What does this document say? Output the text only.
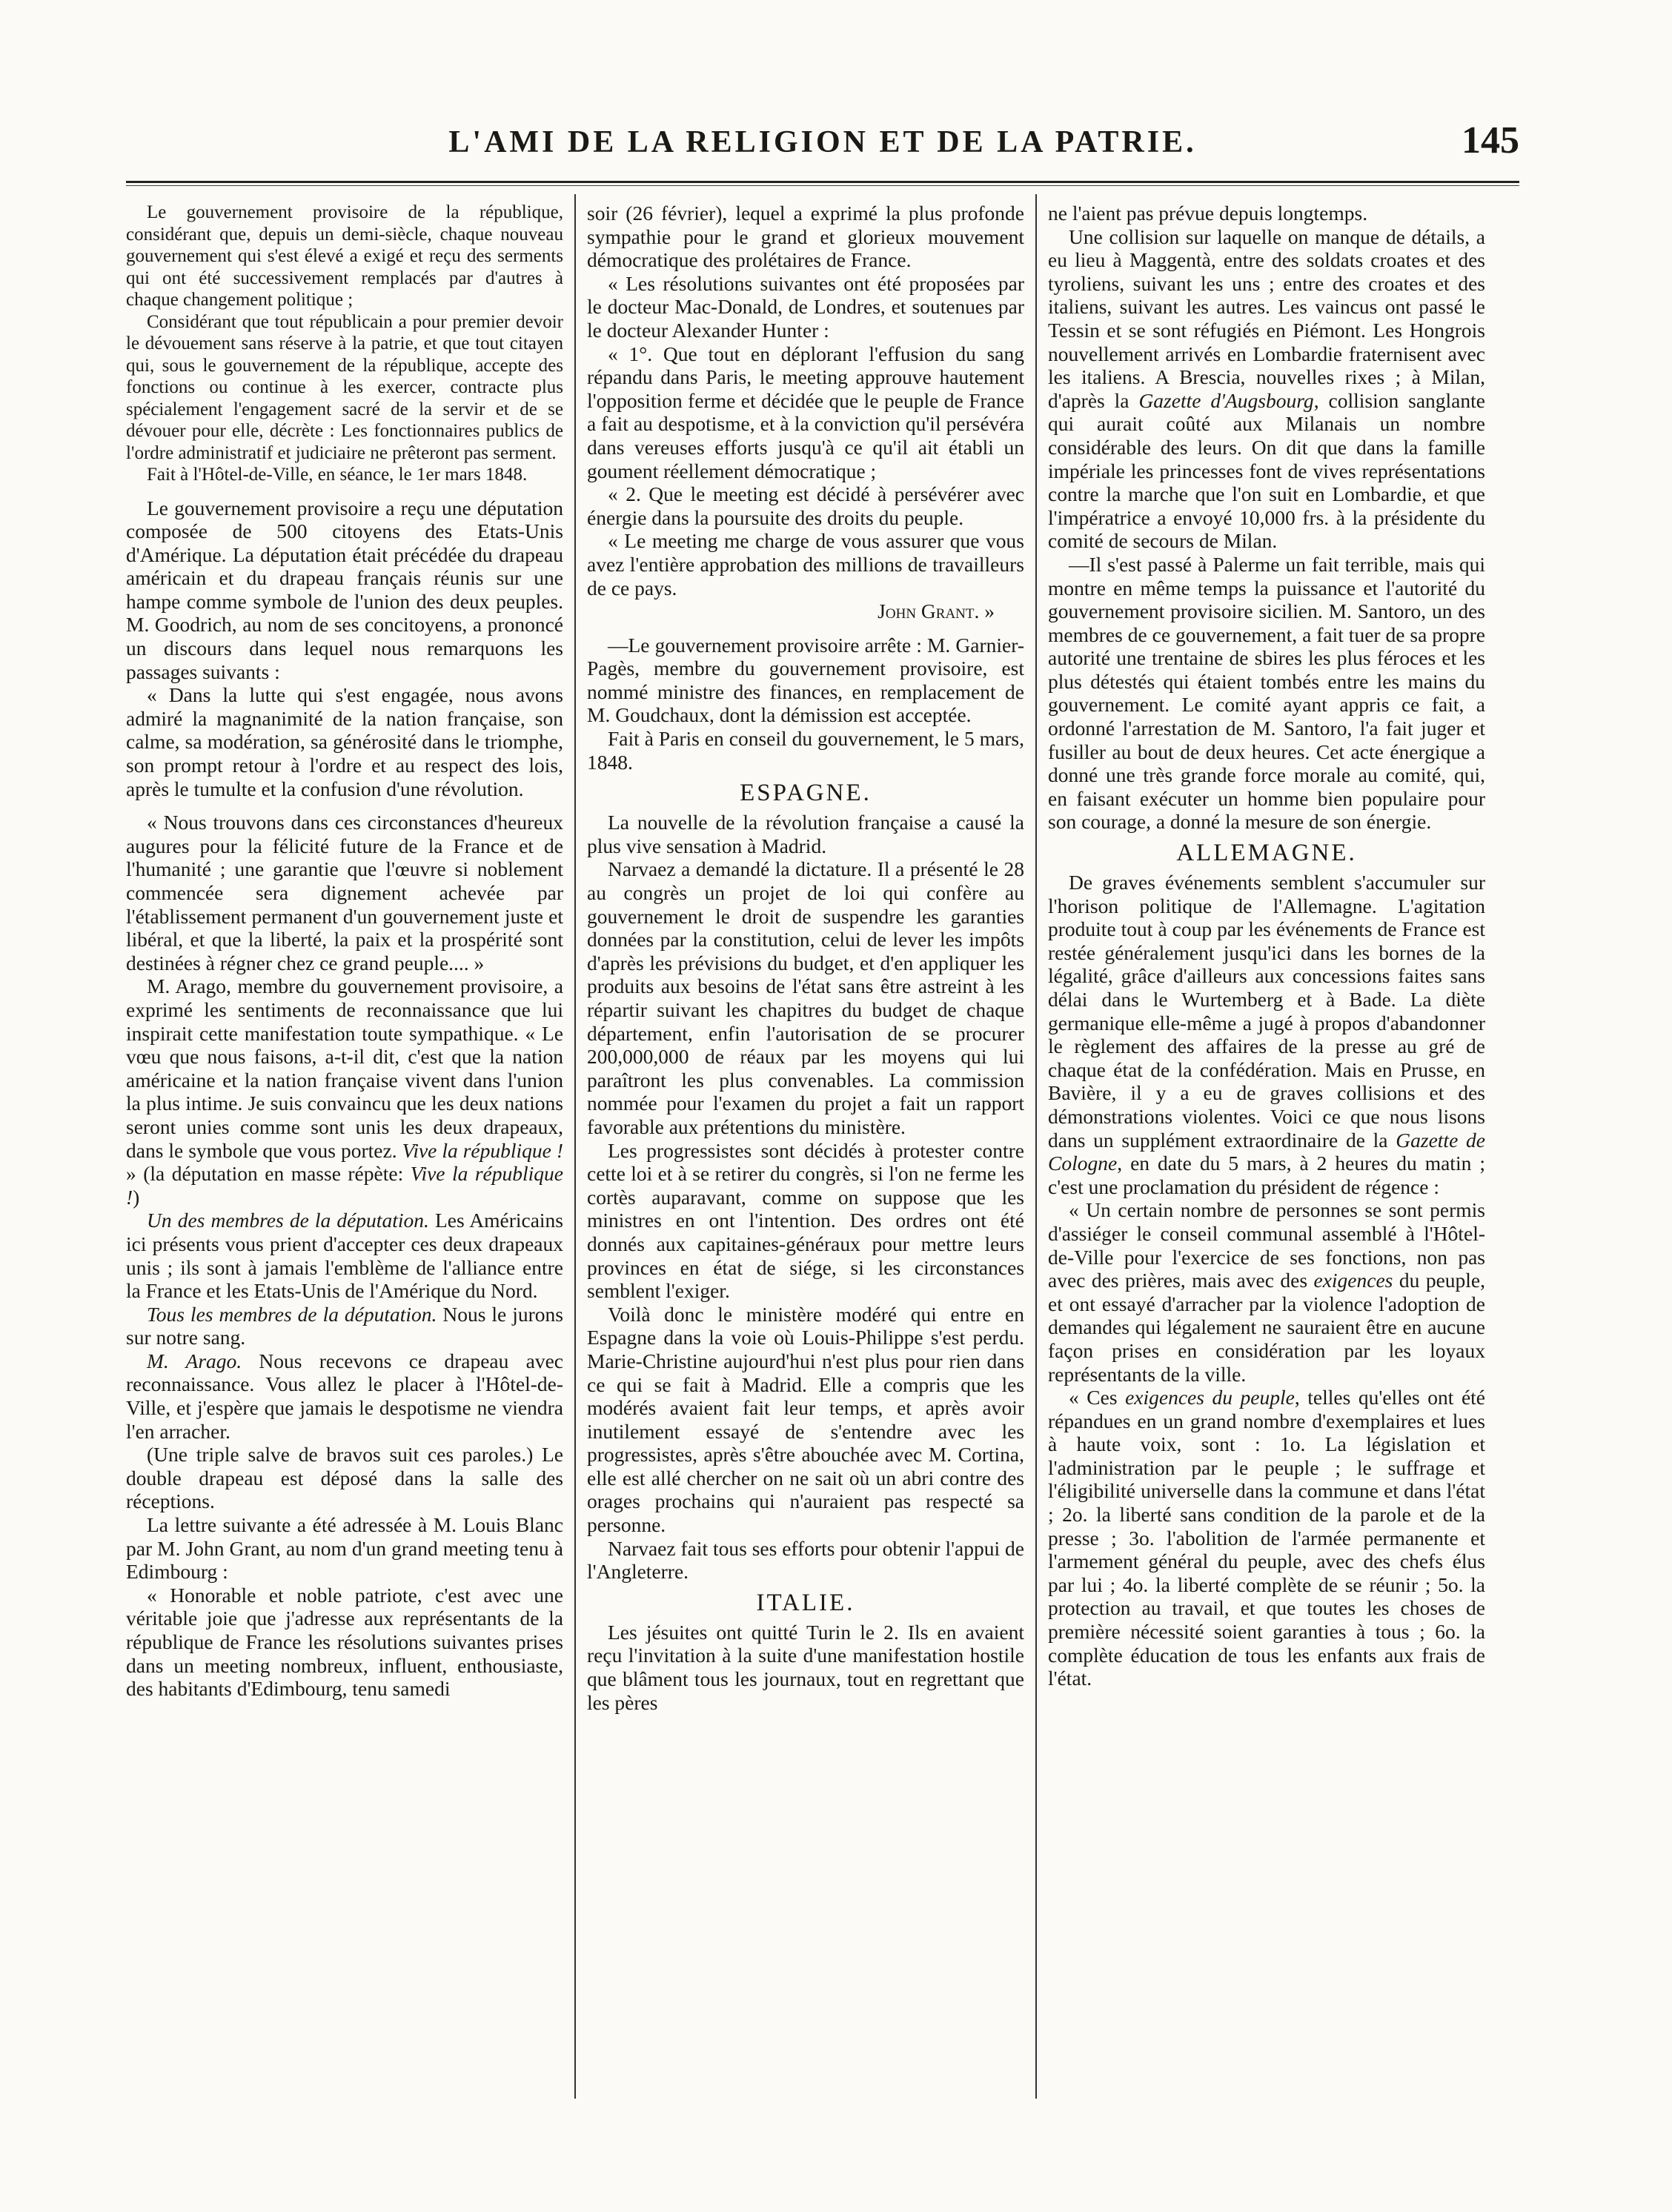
L'AMI DE LA RELIGION ET DE LA PATRIE.	145

Le gouvernement provisoire de la république, considérant que, depuis un demi-siècle, chaque nouveau gouvernement qui s'est élevé a exigé et reçu des serments qui ont été successivement remplacés par d'autres à chaque changement politique ;

Considérant que tout républicain a pour premier devoir le dévouement sans réserve à la patrie, et que tout citayen qui, sous le gouvernement de la république, accepte des fonctions ou continue à les exercer, contracte plus spécialement l'engagement sacré de la servir et de se dévouer pour elle, décrète : Les fonctionnaires publics de l'ordre administratif et judiciaire ne prêteront pas serment.

Fait à l'Hôtel-de-Ville, en séance, le 1er mars 1848.

Le gouvernement provisoire a reçu une députation composée de 500 citoyens des Etats-Unis d'Amérique. La députation était précédée du drapeau américain et du drapeau français réunis sur une hampe comme symbole de l'union des deux peuples. M. Goodrich, au nom de ses concitoyens, a prononcé un discours dans lequel nous remarquons les passages suivants :

« Dans la lutte qui s'est engagée, nous avons admiré la magnanimité de la nation française, son calme, sa modération, sa générosité dans le triomphe, son prompt retour à l'ordre et au respect des lois, après le tumulte et la confusion d'une révolution.

« Nous trouvons dans ces circonstances d'heureux augures pour la félicité future de la France et de l'humanité ; une garantie que l'œuvre si noblement commencée sera dignement achevée par l'établissement permanent d'un gouvernement juste et libéral, et que la liberté, la paix et la prospérité sont destinées à régner chez ce grand peuple.... »

M. Arago, membre du gouvernement provisoire, a exprimé les sentiments de reconnaissance que lui inspirait cette manifestation toute sympathique. « Le vœu que nous faisons, a-t-il dit, c'est que la nation américaine et la nation française vivent dans l'union la plus intime. Je suis convaincu que les deux nations seront unies comme sont unis les deux drapeaux, dans le symbole que vous portez. Vive la république ! » (la députation en masse répète: Vive la république !)

Un des membres de la députation. Les Américains ici présents vous prient d'accepter ces deux drapeaux unis ; ils sont à jamais l'emblème de l'alliance entre la France et les Etats-Unis de l'Amérique du Nord.

Tous les membres de la députation. Nous le jurons sur notre sang.

M. Arago. Nous recevons ce drapeau avec reconnaissance. Vous allez le placer à l'Hôtel-de-Ville, et j'espère que jamais le despotisme ne viendra l'en arracher.

(Une triple salve de bravos suit ces paroles.) Le double drapeau est déposé dans la salle des réceptions.

La lettre suivante a été adressée à M. Louis Blanc par M. John Grant, au nom d'un grand meeting tenu à Edimbourg :

« Honorable et noble patriote, c'est avec une véritable joie que j'adresse aux représentants de la république de France les résolutions suivantes prises dans un meeting nombreux, influent, enthousiaste, des habitants d'Edimbourg, tenu samedi

soir (26 février), lequel a exprimé la plus profonde sympathie pour le grand et glorieux mouvement démocratique des prolétaires de France.

« Les résolutions suivantes ont été proposées par le docteur Mac-Donald, de Londres, et soutenues par le docteur Alexander Hunter :

« 1°. Que tout en déplorant l'effusion du sang répandu dans Paris, le meeting approuve hautement l'opposition ferme et décidée que le peuple de France a fait au despotisme, et à la conviction qu'il persévéra dans vereuses efforts jusqu'à ce qu'il ait établi un goument réellement démocratique ;

« 2. Que le meeting est décidé à persévérer avec énergie dans la poursuite des droits du peuple.

« Le meeting me charge de vous assurer que vous avez l'entière approbation des millions de travailleurs de ce pays.

John Grant. »

—Le gouvernement provisoire arrête : M. Garnier-Pagès, membre du gouvernement provisoire, est nommé ministre des finances, en remplacement de M. Goudchaux, dont la démission est acceptée.

Fait à Paris en conseil du gouvernement, le 5 mars, 1848.

ESPAGNE.

La nouvelle de la révolution française a causé la plus vive sensation à Madrid.

Narvaez a demandé la dictature. Il a présenté le 28 au congrès un projet de loi qui confère au gouvernement le droit de suspendre les garanties données par la constitution, celui de lever les impôts d'après les prévisions du budget, et d'en appliquer les produits aux besoins de l'état sans être astreint à les répartir suivant les chapitres du budget de chaque département, enfin l'autorisation de se procurer 200,000,000 de réaux par les moyens qui lui paraîtront les plus convenables. La commission nommée pour l'examen du projet a fait un rapport favorable aux prétentions du ministère.

Les progressistes sont décidés à protester contre cette loi et à se retirer du congrès, si l'on ne ferme les cortès auparavant, comme on suppose que les ministres en ont l'intention. Des ordres ont été donnés aux capitaines-généraux pour mettre leurs provinces en état de siége, si les circonstances semblent l'exiger.

Voilà donc le ministère modéré qui entre en Espagne dans la voie où Louis-Philippe s'est perdu. Marie-Christine aujourd'hui n'est plus pour rien dans ce qui se fait à Madrid. Elle a compris que les modérés avaient fait leur temps, et après avoir inutilement essayé de s'entendre avec les progressistes, après s'être abouchée avec M. Cortina, elle est allé chercher on ne sait où un abri contre des orages prochains qui n'auraient pas respecté sa personne.

Narvaez fait tous ses efforts pour obtenir l'appui de l'Angleterre.

ITALIE.

Les jésuites ont quitté Turin le 2. Ils en avaient reçu l'invitation à la suite d'une manifestation hostile que blâment tous les journaux, tout en regrettant que les pères

ne l'aient pas prévue depuis longtemps.

Une collision sur laquelle on manque de détails, a eu lieu à Maggentà, entre des soldats croates et des tyroliens, suivant les uns ; entre des croates et des italiens, suivant les autres. Les vaincus ont passé le Tessin et se sont réfugiés en Piémont. Les Hongrois nouvellement arrivés en Lombardie fraternisent avec les italiens. A Brescia, nouvelles rixes ; à Milan, d'après la Gazette d'Augsbourg, collision sanglante qui aurait coûté aux Milanais un nombre considérable des leurs. On dit que dans la famille impériale les princesses font de vives représentations contre la marche que l'on suit en Lombardie, et que l'impératrice a envoyé 10,000 frs. à la présidente du comité de secours de Milan.

—Il s'est passé à Palerme un fait terrible, mais qui montre en même temps la puissance et l'autorité du gouvernement provisoire sicilien. M. Santoro, un des membres de ce gouvernement, a fait tuer de sa propre autorité une trentaine de sbires les plus féroces et les plus détestés qui étaient tombés entre les mains du gouvernement. Le comité ayant appris ce fait, a ordonné l'arrestation de M. Santoro, l'a fait juger et fusiller au bout de deux heures. Cet acte énergique a donné une très grande force morale au comité, qui, en faisant exécuter un homme bien populaire pour son courage, a donné la mesure de son énergie.

ALLEMAGNE.

De graves événements semblent s'accumuler sur l'horison politique de l'Allemagne. L'agitation produite tout à coup par les événements de France est restée généralement jusqu'ici dans les bornes de la légalité, grâce d'ailleurs aux concessions faites sans délai dans le Wurtemberg et à Bade. La diète germanique elle-même a jugé à propos d'abandonner le règlement des affaires de la presse au gré de chaque état de la confédération. Mais en Prusse, en Bavière, il y a eu de graves collisions et des démonstrations violentes. Voici ce que nous lisons dans un supplément extraordinaire de la Gazette de Cologne, en date du 5 mars, à 2 heures du matin ; c'est une proclamation du président de régence :

« Un certain nombre de personnes se sont permis d'assiéger le conseil communal assemblé à l'Hôtel-de-Ville pour l'exercice de ses fonctions, non pas avec des prières, mais avec des exigences du peuple, et ont essayé d'arracher par la violence l'adoption de demandes qui légalement ne sauraient être en aucune façon prises en considération par les loyaux représentants de la ville.

« Ces exigences du peuple, telles qu'elles ont été répandues en un grand nombre d'exemplaires et lues à haute voix, sont : 1o. La législation et l'administration par le peuple ; le suffrage et l'éligibilité universelle dans la commune et dans l'état ; 2o. la liberté sans condition de la parole et de la presse ; 3o. l'abolition de l'armée permanente et l'armement général du peuple, avec des chefs élus par lui ; 4o. la liberté complète de se réunir ; 5o. la protection au travail, et que toutes les choses de première nécessité soient garanties à tous ; 6o. la complète éducation de tous les enfants aux frais de l'état.
